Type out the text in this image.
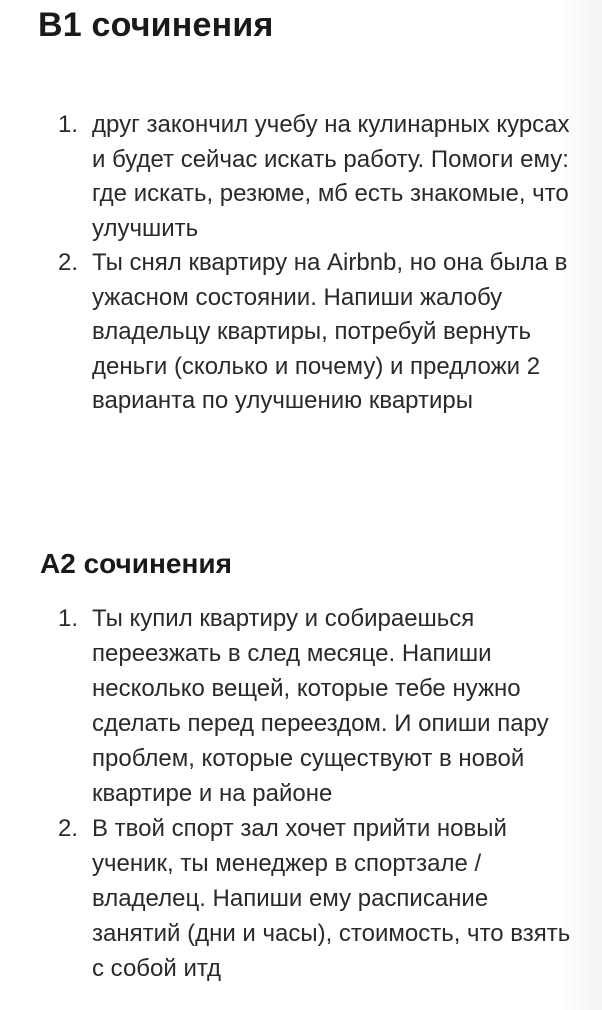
B1 сочинения
1. друг закончил учебу на кулинарных курсах и будет сейчас искать работу. Помоги ему: где искать, резюме, мб есть знакомые, что улучшить
2. Ты снял квартиру на Airbnb, но она была в ужасном состоянии. Напиши жалобу владельцу квартиры, потребуй вернуть деньги (сколько и почему) и предложи 2 варианта по улучшению квартиры
A2 сочинения
1. Ты купил квартиру и собираешься переезжать в след месяце. Напиши несколько вещей, которые тебе нужно сделать перед переездом. И опиши пару проблем, которые существуют в новой квартире и на районе
2. В твой спорт зал хочет прийти новый ученик, ты менеджер в спортзале / владелец. Напиши ему расписание занятий (дни и часы), стоимость, что взять с собой итд
